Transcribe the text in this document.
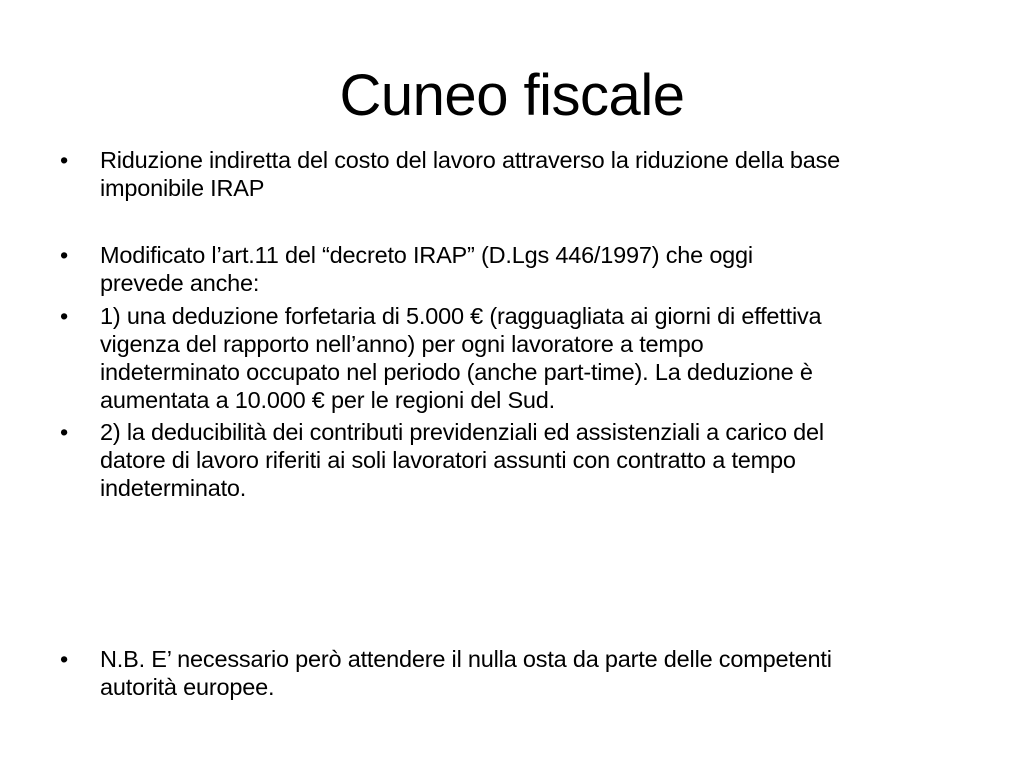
Cuneo fiscale
• Riduzione indiretta del costo del lavoro attraverso la riduzione della base
imponibile IRAP
• Modificato l’art.11 del “decreto IRAP” (D.Lgs 446/1997) che oggi
prevede anche:
• 1) una deduzione forfetaria di 5.000 € (ragguagliata ai giorni di effettiva
vigenza del rapporto nell’anno) per ogni lavoratore a tempo
indeterminato occupato nel periodo (anche part-time). La deduzione è
aumentata a 10.000 € per le regioni del Sud.
• 2) la deducibilità dei contributi previdenziali ed assistenziali a carico del
datore di lavoro riferiti ai soli lavoratori assunti con contratto a tempo
indeterminato.
• N.B. E’ necessario però attendere il nulla osta da parte delle competenti
autorità europee.
